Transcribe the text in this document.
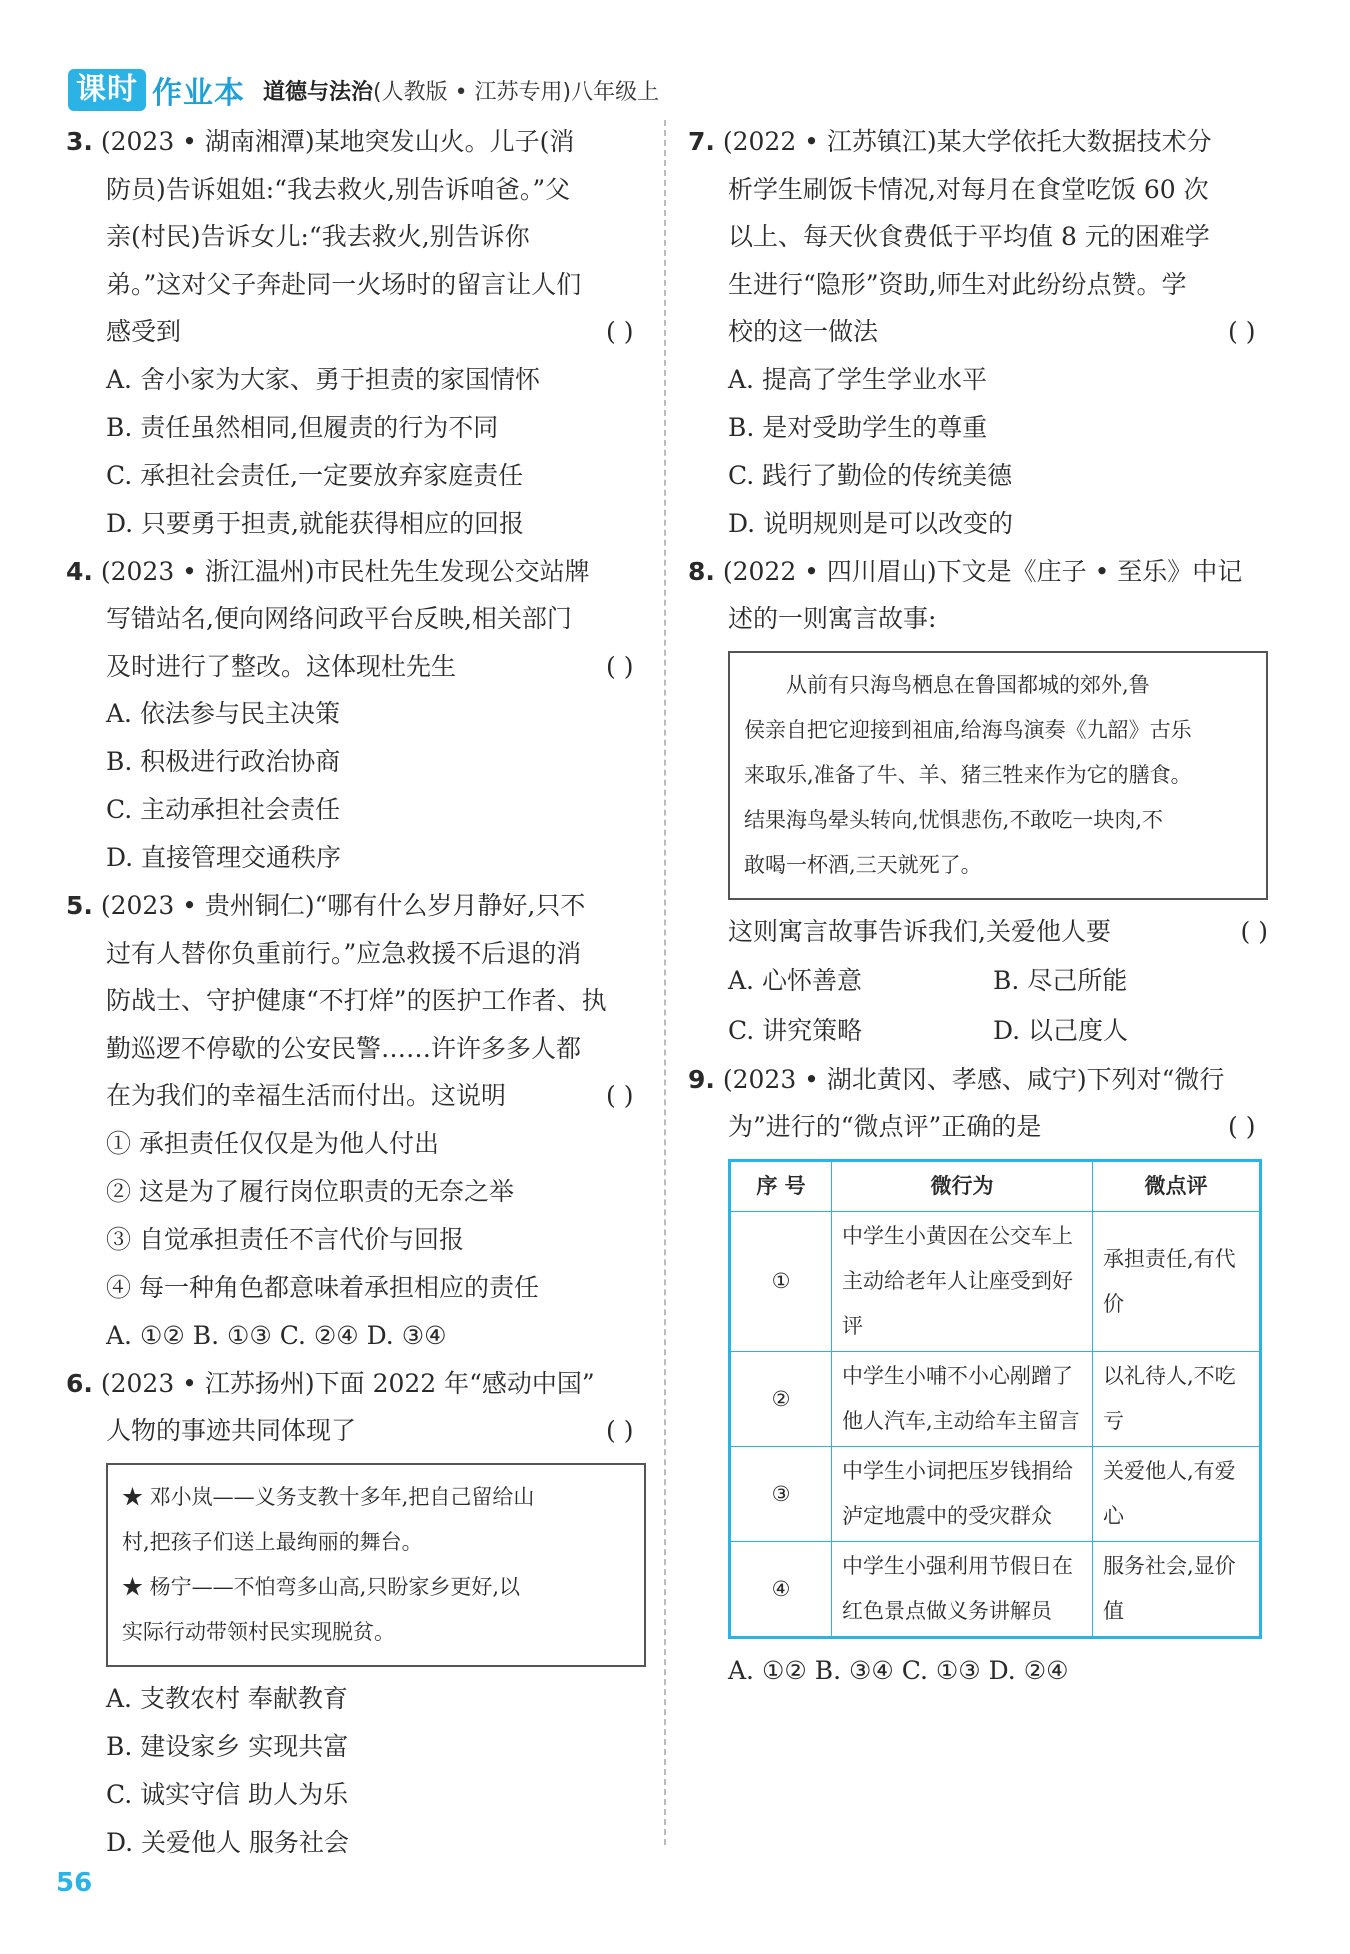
课时 作业本 道德与法治(人教版 • 江苏专用)八年级上
3. (2023 • 湖南湘潭)某地突发山火。儿子(消
防员)告诉姐姐:“我去救火,别告诉咱爸。”父
亲(村民)告诉女儿:“我去救火,别告诉你
弟。”这对父子奔赴同一火场时的留言让人们
感受到	( )
A. 舍小家为大家、勇于担责的家国情怀
B. 责任虽然相同,但履责的行为不同
C. 承担社会责任,一定要放弃家庭责任
D. 只要勇于担责,就能获得相应的回报
4. (2023 • 浙江温州)市民杜先生发现公交站牌
写错站名,便向网络问政平台反映,相关部门
及时进行了整改。这体现杜先生	( )
A. 依法参与民主决策
B. 积极进行政治协商
C. 主动承担社会责任
D. 直接管理交通秩序
5. (2023 • 贵州铜仁)“哪有什么岁月静好,只不
过有人替你负重前行。”应急救援不后退的消
防战士、守护健康“不打烊”的医护工作者、执
勤巡逻不停歇的公安民警……许许多多人都
在为我们的幸福生活而付出。这说明	( )
① 承担责任仅仅是为他人付出
② 这是为了履行岗位职责的无奈之举
③ 自觉承担责任不言代价与回报
④ 每一种角色都意味着承担相应的责任
A. ①② B. ①③ C. ②④ D. ③④
6. (2023 • 江苏扬州)下面 2022 年“感动中国”
人物的事迹共同体现了	( )

★ 邓小岚——义务支教十多年,把自己留给山

村,把孩子们送上最绚丽的舞台。

★ 杨宁——不怕弯多山高,只盼家乡更好,以

实际行动带领村民实现脱贫。

A. 支教农村 奉献教育
B. 建设家乡 实现共富
C. 诚实守信 助人为乐
D. 关爱他人 服务社会
7. (2022 • 江苏镇江)某大学依托大数据技术分
析学生刷饭卡情况,对每月在食堂吃饭 60 次
以上、每天伙食费低于平均值 8 元的困难学
生进行“隐形”资助,师生对此纷纷点赞。学
校的这一做法	( )
A. 提高了学生学业水平
B. 是对受助学生的尊重
C. 践行了勤俭的传统美德
D. 说明规则是可以改变的
8. (2022 • 四川眉山)下文是《庄子 • 至乐》中记
述的一则寓言故事:

从前有只海鸟栖息在鲁国都城的郊外,鲁

侯亲自把它迎接到祖庙,给海鸟演奏《九韶》古乐

来取乐,准备了牛、羊、猪三牲来作为它的膳食。

结果海鸟晕头转向,忧惧悲伤,不敢吃一块肉,不

敢喝一杯酒,三天就死了。

这则寓言故事告诉我们,关爱他人要	( )
A. 心怀善意	B. 尽己所能
C. 讲究策略	D. 以己度人
9. (2023 • 湖北黄冈、孝感、咸宁)下列对“微行
为”进行的“微点评”正确的是	( )
序 号	微行为	微点评
①	中学生小黄因在公交车上主动给老年人让座受到好评	承担责任,有代价
②	中学生小哺不小心剐蹭了他人汽车,主动给车主留言	以礼待人,不吃亏
③	中学生小词把压岁钱捐给泸定地震中的受灾群众	关爱他人,有爱心
④	中学生小强利用节假日在红色景点做义务讲解员	服务社会,显价值
A. ①② B. ③④ C. ①③ D. ②④
56
